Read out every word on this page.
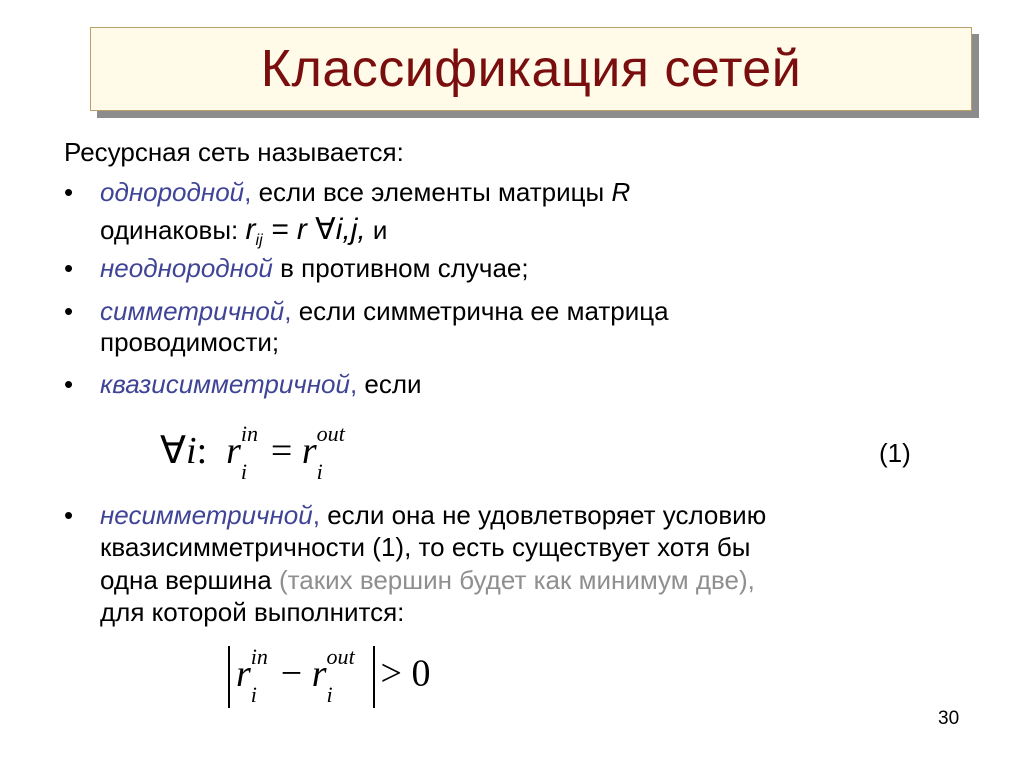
Классификация сетей
Ресурсная сеть называется:
• однородной, если все элементы матрицы R
одинаковы: $r_{ij} = r$ ∀i,j, и
• неоднородной в противном случае;
• симметричной, если симметрична ее матрица
проводимости;
• квазисимметричной, если
∀i: r in
i = r out
i
(1)
• несимметричной, если она не удовлетворяет условию
квазисимметричности (1), то есть существует хотя бы
одна вершина (таких вершин будет как минимум две),
для которой выполнится:
r in
i − r out
i > 0
30
